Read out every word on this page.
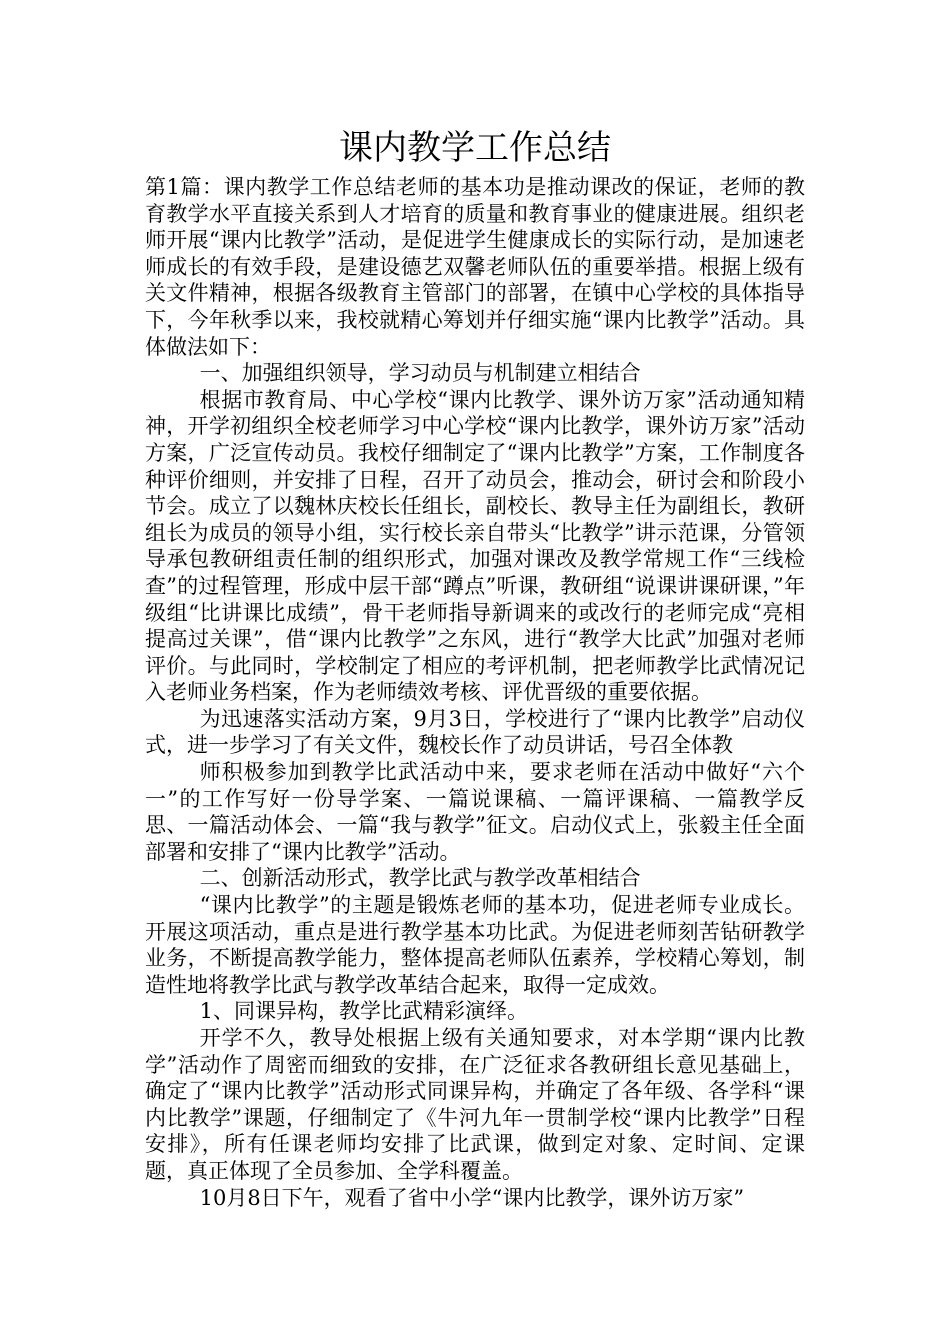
课内教学工作总结

第1篇：课内教学工作总结老师的基本功是推动课改的保证，老师的教育教学水平直接关系到人才培育的质量和教育事业的健康进展。组织老师开展“课内比教学”活动，是促进学生健康成长的实际行动，是加速老师成长的有效手段，是建设德艺双馨老师队伍的重要举措。根据上级有关文件精神，根据各级教育主管部门的部署，在镇中心学校的具体指导下，今年秋季以来，我校就精心筹划并仔细实施“课内比教学”活动。具体做法如下：

一、加强组织领导，学习动员与机制建立相结合

根据市教育局、中心学校“课内比教学、课外访万家”活动通知精神，开学初组织全校老师学习中心学校“课内比教学，课外访万家”活动方案，广泛宣传动员。我校仔细制定了“课内比教学”方案，工作制度各种评价细则，并安排了日程，召开了动员会，推动会，研讨会和阶段小节会。成立了以魏林庆校长任组长，副校长、教导主任为副组长，教研组长为成员的领导小组，实行校长亲自带头“比教学”讲示范课，分管领导承包教研组责任制的组织形式，加强对课改及教学常规工作“三线检查”的过程管理，形成中层干部“蹲点”听课，教研组“说课讲课研课，”年级组“比讲课比成绩”，骨干老师指导新调来的或改行的老师完成“亮相提高过关课”，借“课内比教学”之东风，进行“教学大比武”加强对老师评价。与此同时，学校制定了相应的考评机制，把老师教学比武情况记入老师业务档案，作为老师绩效考核、评优晋级的重要依据。

为迅速落实活动方案，9月3日，学校进行了“课内比教学”启动仪式，进一步学习了有关文件，魏校长作了动员讲话，号召全体教

师积极参加到教学比武活动中来，要求老师在活动中做好“六个一”的工作写好一份导学案、一篇说课稿、一篇评课稿、一篇教学反思、一篇活动体会、一篇“我与教学”征文。启动仪式上，张毅主任全面部署和安排了“课内比教学”活动。

二、创新活动形式，教学比武与教学改革相结合

“课内比教学”的主题是锻炼老师的基本功，促进老师专业成长。开展这项活动，重点是进行教学基本功比武。为促进老师刻苦钻研教学业务，不断提高教学能力，整体提高老师队伍素养，学校精心筹划，制造性地将教学比武与教学改革结合起来，取得一定成效。

1、同课异构，教学比武精彩演绎。

开学不久，教导处根据上级有关通知要求，对本学期“课内比教学”活动作了周密而细致的安排，在广泛征求各教研组长意见基础上，确定了“课内比教学”活动形式同课异构，并确定了各年级、各学科“课内比教学”课题，仔细制定了《牛河九年一贯制学校“课内比教学”日程安排》，所有任课老师均安排了比武课，做到定对象、定时间、定课题，真正体现了全员参加、全学科覆盖。

10月8日下午，观看了省中小学“课内比教学，课外访万家”
